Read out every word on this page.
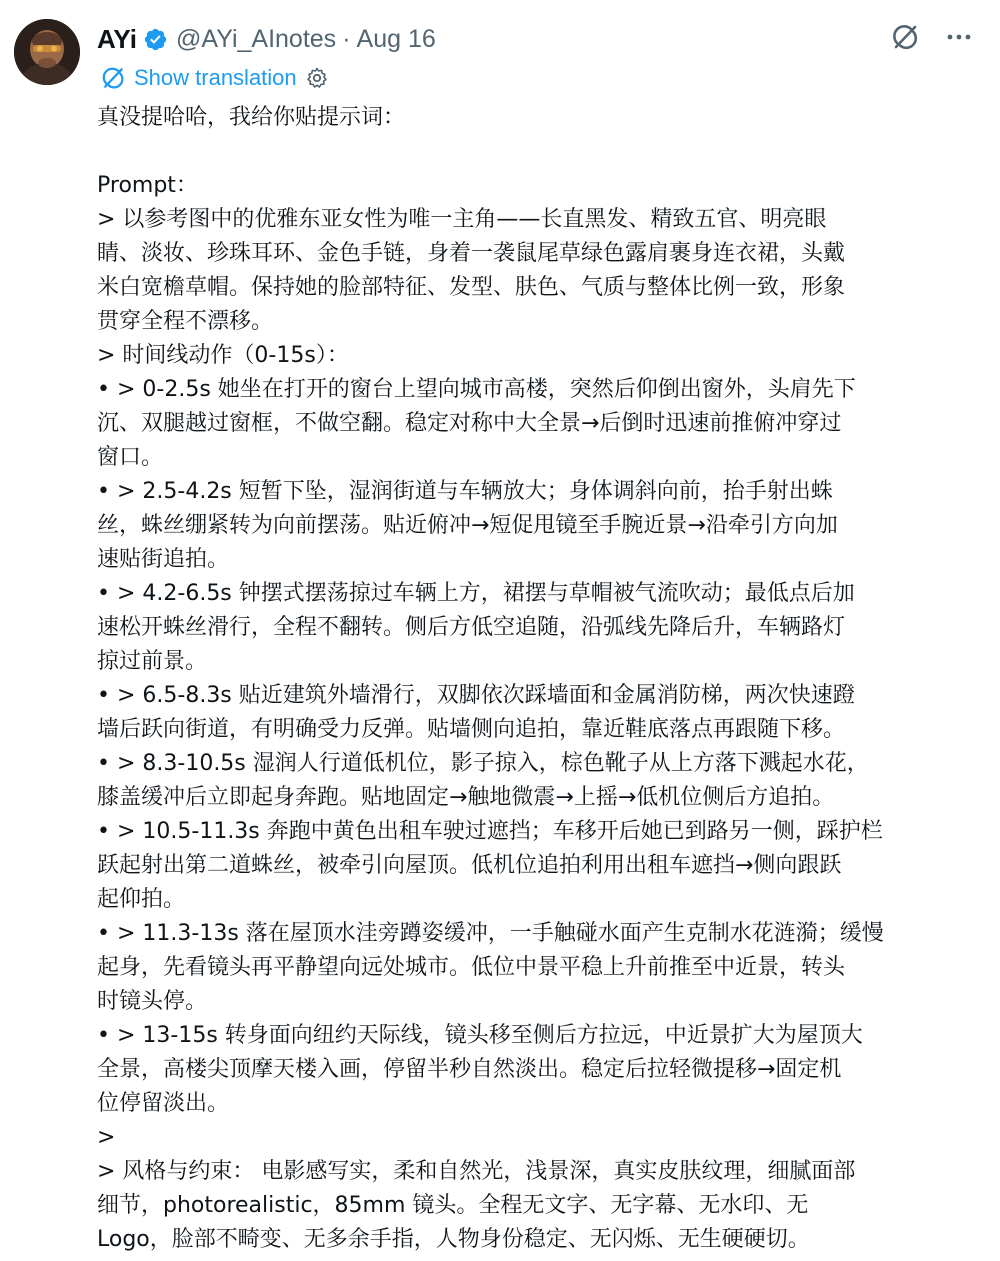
AYi @AYi_AInotes · Aug 16
Show translation
真没提哈哈，我给你贴提示词：
Prompt：
> 以参考图中的优雅东亚女性为唯一主角——长直黑发、精致五官、明亮眼
睛、淡妆、珍珠耳环、金色手链，身着一袭鼠尾草绿色露肩裹身连衣裙，头戴
米白宽檐草帽。保持她的脸部特征、发型、肤色、气质与整体比例一致，形象
贯穿全程不漂移。
> 时间线动作（0-15s）：
• > 0-2.5s 她坐在打开的窗台上望向城市高楼，突然后仰倒出窗外，头肩先下
沉、双腿越过窗框，不做空翻。稳定对称中大全景→后倒时迅速前推俯冲穿过
窗口。
• > 2.5-4.2s 短暂下坠，湿润街道与车辆放大；身体调斜向前，抬手射出蛛
丝，蛛丝绷紧转为向前摆荡。贴近俯冲→短促甩镜至手腕近景→沿牵引方向加
速贴街追拍。
• > 4.2-6.5s 钟摆式摆荡掠过车辆上方，裙摆与草帽被气流吹动；最低点后加
速松开蛛丝滑行，全程不翻转。侧后方低空追随，沿弧线先降后升，车辆路灯
掠过前景。
• > 6.5-8.3s 贴近建筑外墙滑行，双脚依次踩墙面和金属消防梯，两次快速蹬
墙后跃向街道，有明确受力反弹。贴墙侧向追拍，靠近鞋底落点再跟随下移。
• > 8.3-10.5s 湿润人行道低机位，影子掠入，棕色靴子从上方落下溅起水花，
膝盖缓冲后立即起身奔跑。贴地固定→触地微震→上摇→低机位侧后方追拍。
• > 10.5-11.3s 奔跑中黄色出租车驶过遮挡；车移开后她已到路另一侧，踩护栏
跃起射出第二道蛛丝，被牵引向屋顶。低机位追拍利用出租车遮挡→侧向跟跃
起仰拍。
• > 11.3-13s 落在屋顶水洼旁蹲姿缓冲，一手触碰水面产生克制水花涟漪；缓慢
起身，先看镜头再平静望向远处城市。低位中景平稳上升前推至中近景，转头
时镜头停。
• > 13-15s 转身面向纽约天际线，镜头移至侧后方拉远，中近景扩大为屋顶大
全景，高楼尖顶摩天楼入画，停留半秒自然淡出。稳定后拉轻微提移→固定机
位停留淡出。
>
> 风格与约束： 电影感写实，柔和自然光，浅景深，真实皮肤纹理，细腻面部
细节，photorealistic，85mm 镜头。全程无文字、无字幕、无水印、无
Logo，脸部不畸变、无多余手指，人物身份稳定、无闪烁、无生硬硬切。
